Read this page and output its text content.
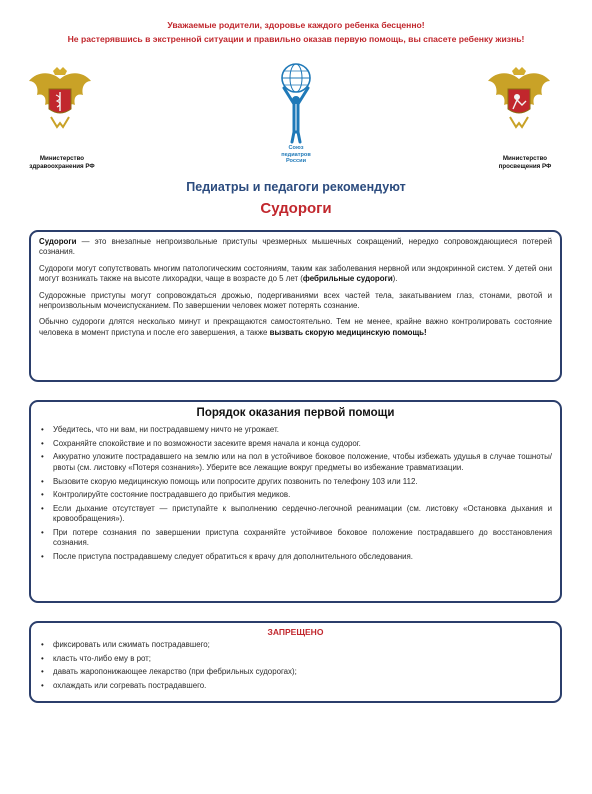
Уважаемые родители, здоровье каждого ребенка бесценно!
Не растерявшись в экстренной ситуации и правильно оказав первую помощь, вы спасете ребенку жизнь!
Министерство
здравоохранения РФ
Союз
педиатров
России	Министерство
просвещения РФ
Педиатры и педагоги рекомендуют
Судороги

Судороги — это внезапные непроизвольные приступы чрезмерных мышечных сокращений, нередко сопровождающиеся потерей сознания.

Судороги могут сопутствовать многим патологическим состояниям, таким как заболевания нервной или эндокринной систем. У детей они могут возникать также на высоте лихорадки, чаще в возрасте до 5 лет (фебрильные судороги).

Судорожные приступы могут сопровождаться дрожью, подергиваниями всех частей тела, закатыванием глаз, стонами, рвотой и непроизвольным мочеиспусканием. По завершении человек может потерять сознание.

Обычно судороги длятся несколько минут и прекращаются самостоятельно. Тем не менее, крайне важно контролировать состояние человека в момент приступа и после его завершения, а также вызвать скорую медицинскую помощь!

Порядок оказания первой помощи
• Убедитесь, что ни вам, ни пострадавшему ничто не угрожает.
• Сохраняйте спокойствие и по возможности засеките время начала и конца судорог.
• Аккуратно уложите пострадавшего на землю или на пол в устойчивое боковое положение, чтобы избежать удушья в случае тошноты/рвоты (см. листовку «Потеря сознания»). Уберите все лежащие вокруг предметы во избежание травматизации.
• Вызовите скорую медицинскую помощь или попросите других позвонить по телефону 103 или 112.
• Контролируйте состояние пострадавшего до прибытия медиков.
• Если дыхание отсутствует — приступайте к выполнению сердечно-легочной реанимации (см. листовку «Остановка дыхания и кровообращения»).
• При потере сознания по завершении приступа сохраняйте устойчивое боковое положение пострадавшего до восстановления сознания.
• После приступа пострадавшему следует обратиться к врачу для дополнительного обследования.
ЗАПРЕЩЕНО
• фиксировать или сжимать пострадавшего;
• класть что-либо ему в рот;
• давать жаропонижающее лекарство (при фебрильных судорогах);
• охлаждать или согревать пострадавшего.
